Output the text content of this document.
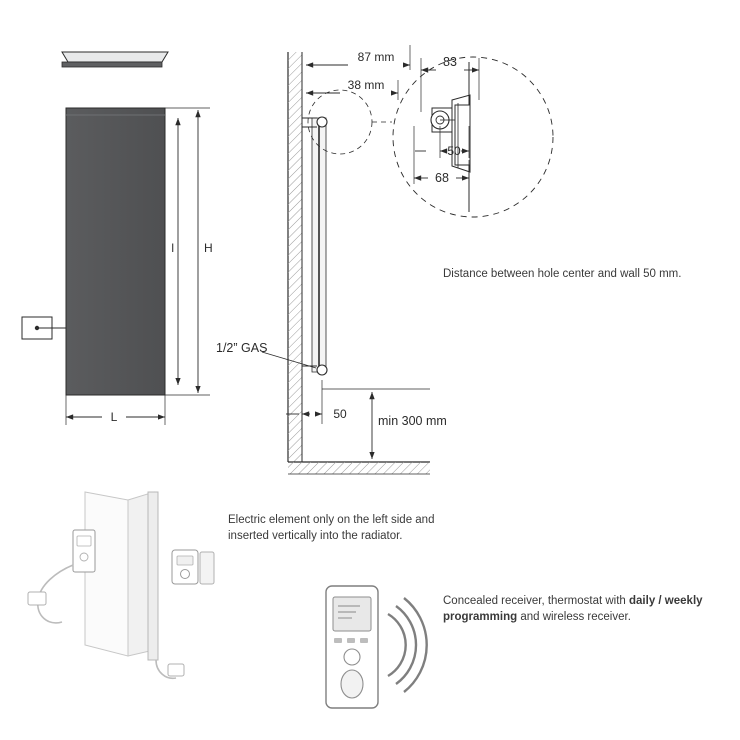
l	H
L
87 mm
38 mm
83
50
68
1/2” GAS
50	min 300 mm
Distance between hole center and wall 50 mm.
Electric element only on the left side and inserted vertically into the radiator.
Concealed receiver, thermostat with daily / weekly programming and wireless receiver.
